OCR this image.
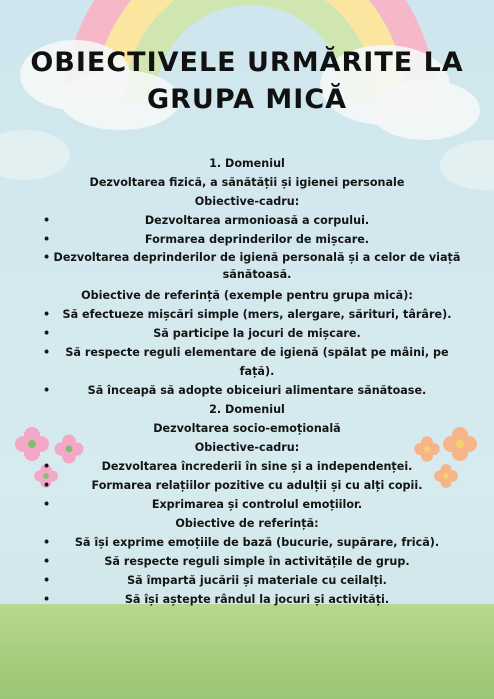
OBIECTIVELE URMĂRITE LA
GRUPA MICĂ
1. Domeniul
Dezvoltarea fizică, a sănătății și igienei personale
Obiective-cadru:
•	Dezvoltarea armonioasă a corpului.
•	Formarea deprinderilor de mișcare.
• Dezvoltarea deprinderilor de igienă personală și a celor de viață sănătoasă.
Obiective de referință (exemple pentru grupa mică):
• Să efectueze mișcări simple (mers, alergare, sărituri, târâre).
•	Să participe la jocuri de mișcare.
• Să respecte reguli elementare de igienă (spălat pe mâini, pe față).
•	Să înceapă să adopte obiceiuri alimentare sănătoase.
2. Domeniul
Dezvoltarea socio-emoțională
Obiective-cadru:
•	Dezvoltarea încrederii în sine și a independenței.
•	Formarea relațiilor pozitive cu adulții și cu alți copii.
•	Exprimarea și controlul emoțiilor.
Obiective de referință:
• Să își exprime emoțiile de bază (bucurie, supărare, frică).
•	Să respecte reguli simple în activitățile de grup.
•	Să împartă jucării și materiale cu ceilalți.
•	Să își aștepte rândul la jocuri și activități.
